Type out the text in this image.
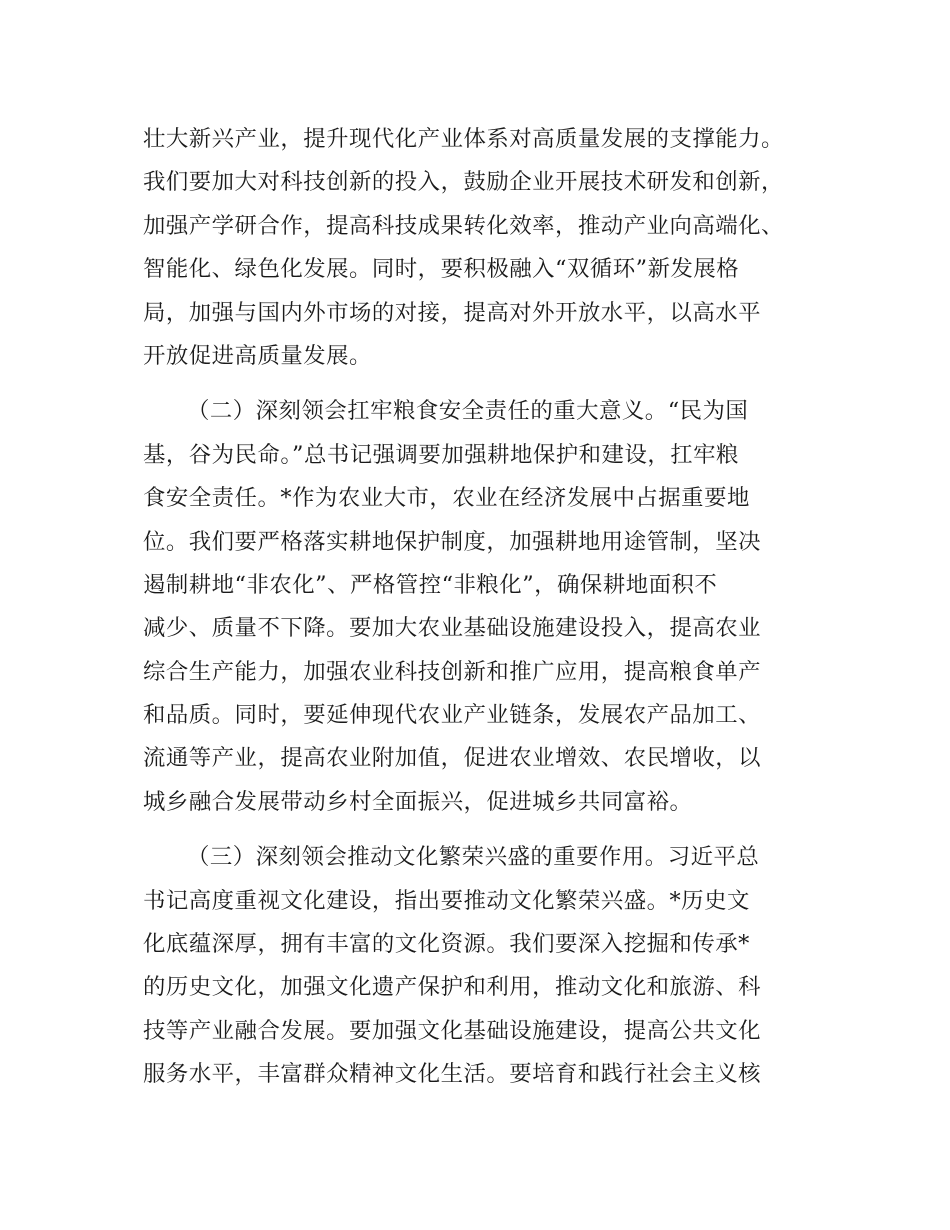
壮大新兴产业，提升现代化产业体系对高质量发展的支撑能力。
我们要加大对科技创新的投入，鼓励企业开展技术研发和创新，
加强产学研合作，提高科技成果转化效率，推动产业向高端化、
智能化、绿色化发展。同时，要积极融入“双循环”新发展格
局，加强与国内外市场的对接，提高对外开放水平，以高水平
开放促进高质量发展。
（二）深刻领会扛牢粮食安全责任的重大意义。“民为国
基，谷为民命。”总书记强调要加强耕地保护和建设，扛牢粮
食安全责任。*作为农业大市，农业在经济发展中占据重要地
位。我们要严格落实耕地保护制度，加强耕地用途管制，坚决
遏制耕地“非农化”、严格管控“非粮化”，确保耕地面积不
减少、质量不下降。要加大农业基础设施建设投入，提高农业
综合生产能力，加强农业科技创新和推广应用，提高粮食单产
和品质。同时，要延伸现代农业产业链条，发展农产品加工、
流通等产业，提高农业附加值，促进农业增效、农民增收，以
城乡融合发展带动乡村全面振兴，促进城乡共同富裕。
（三）深刻领会推动文化繁荣兴盛的重要作用。习近平总
书记高度重视文化建设，指出要推动文化繁荣兴盛。*历史文
化底蕴深厚，拥有丰富的文化资源。我们要深入挖掘和传承*
的历史文化，加强文化遗产保护和利用，推动文化和旅游、科
技等产业融合发展。要加强文化基础设施建设，提高公共文化
服务水平，丰富群众精神文化生活。要培育和践行社会主义核
